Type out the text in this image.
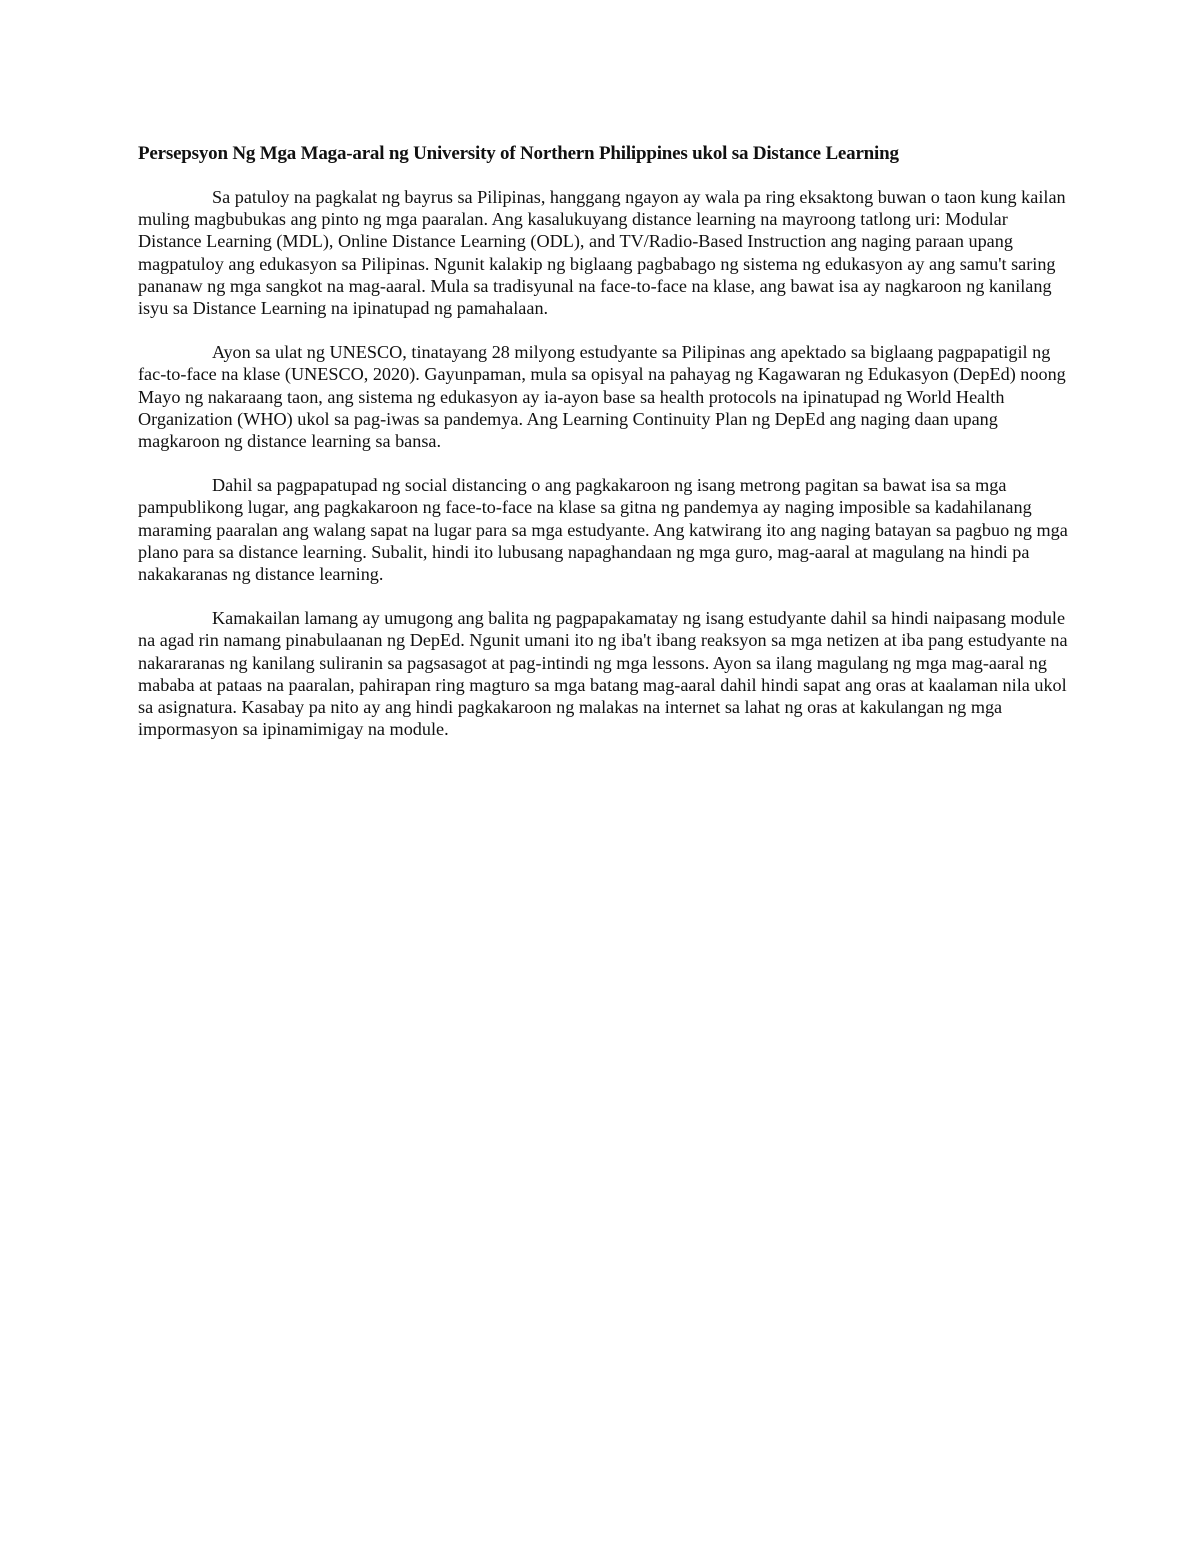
Persepsyon Ng Mga Maga-aral ng University of Northern Philippines ukol sa Distance Learning

Sa patuloy na pagkalat ng bayrus sa Pilipinas, hanggang ngayon ay wala pa ring eksaktong buwan o taon kung kailan muling magbubukas ang pinto ng mga paaralan. Ang kasalukuyang distance learning na mayroong tatlong uri: Modular Distance Learning (MDL), Online Distance Learning (ODL), and TV/Radio-Based Instruction ang naging paraan upang magpatuloy ang edukasyon sa Pilipinas. Ngunit kalakip ng biglaang pagbabago ng sistema ng edukasyon ay ang samu't saring pananaw ng mga sangkot na mag-aaral. Mula sa tradisyunal na face-to-face na klase, ang bawat isa ay nagkaroon ng kanilang isyu sa Distance Learning na ipinatupad ng pamahalaan.

Ayon sa ulat ng UNESCO, tinatayang 28 milyong estudyante sa Pilipinas ang apektado sa biglaang pagpapatigil ng fac-to-face na klase (UNESCO, 2020). Gayunpaman, mula sa opisyal na pahayag ng Kagawaran ng Edukasyon (DepEd) noong Mayo ng nakaraang taon, ang sistema ng edukasyon ay ia-ayon base sa health protocols na ipinatupad ng World Health Organization (WHO) ukol sa pag-iwas sa pandemya. Ang Learning Continuity Plan ng DepEd ang naging daan upang magkaroon ng distance learning sa bansa.

Dahil sa pagpapatupad ng social distancing o ang pagkakaroon ng isang metrong pagitan sa bawat isa sa mga pampublikong lugar, ang pagkakaroon ng face-to-face na klase sa gitna ng pandemya ay naging imposible sa kadahilanang maraming paaralan ang walang sapat na lugar para sa mga estudyante. Ang katwirang ito ang naging batayan sa pagbuo ng mga plano para sa distance learning. Subalit, hindi ito lubusang napaghandaan ng mga guro, mag-aaral at magulang na hindi pa nakakaranas ng distance learning.

Kamakailan lamang ay umugong ang balita ng pagpapakamatay ng isang estudyante dahil sa hindi naipasang module na agad rin namang pinabulaanan ng DepEd. Ngunit umani ito ng iba't ibang reaksyon sa mga netizen at iba pang estudyante na nakararanas ng kanilang suliranin sa pagsasagot at pag-intindi ng mga lessons. Ayon sa ilang magulang ng mga mag-aaral ng mababa at pataas na paaralan, pahirapan ring magturo sa mga batang mag-aaral dahil hindi sapat ang oras at kaalaman nila ukol sa asignatura. Kasabay pa nito ay ang hindi pagkakaroon ng malakas na internet sa lahat ng oras at kakulangan ng mga impormasyon sa ipinamimigay na module.
